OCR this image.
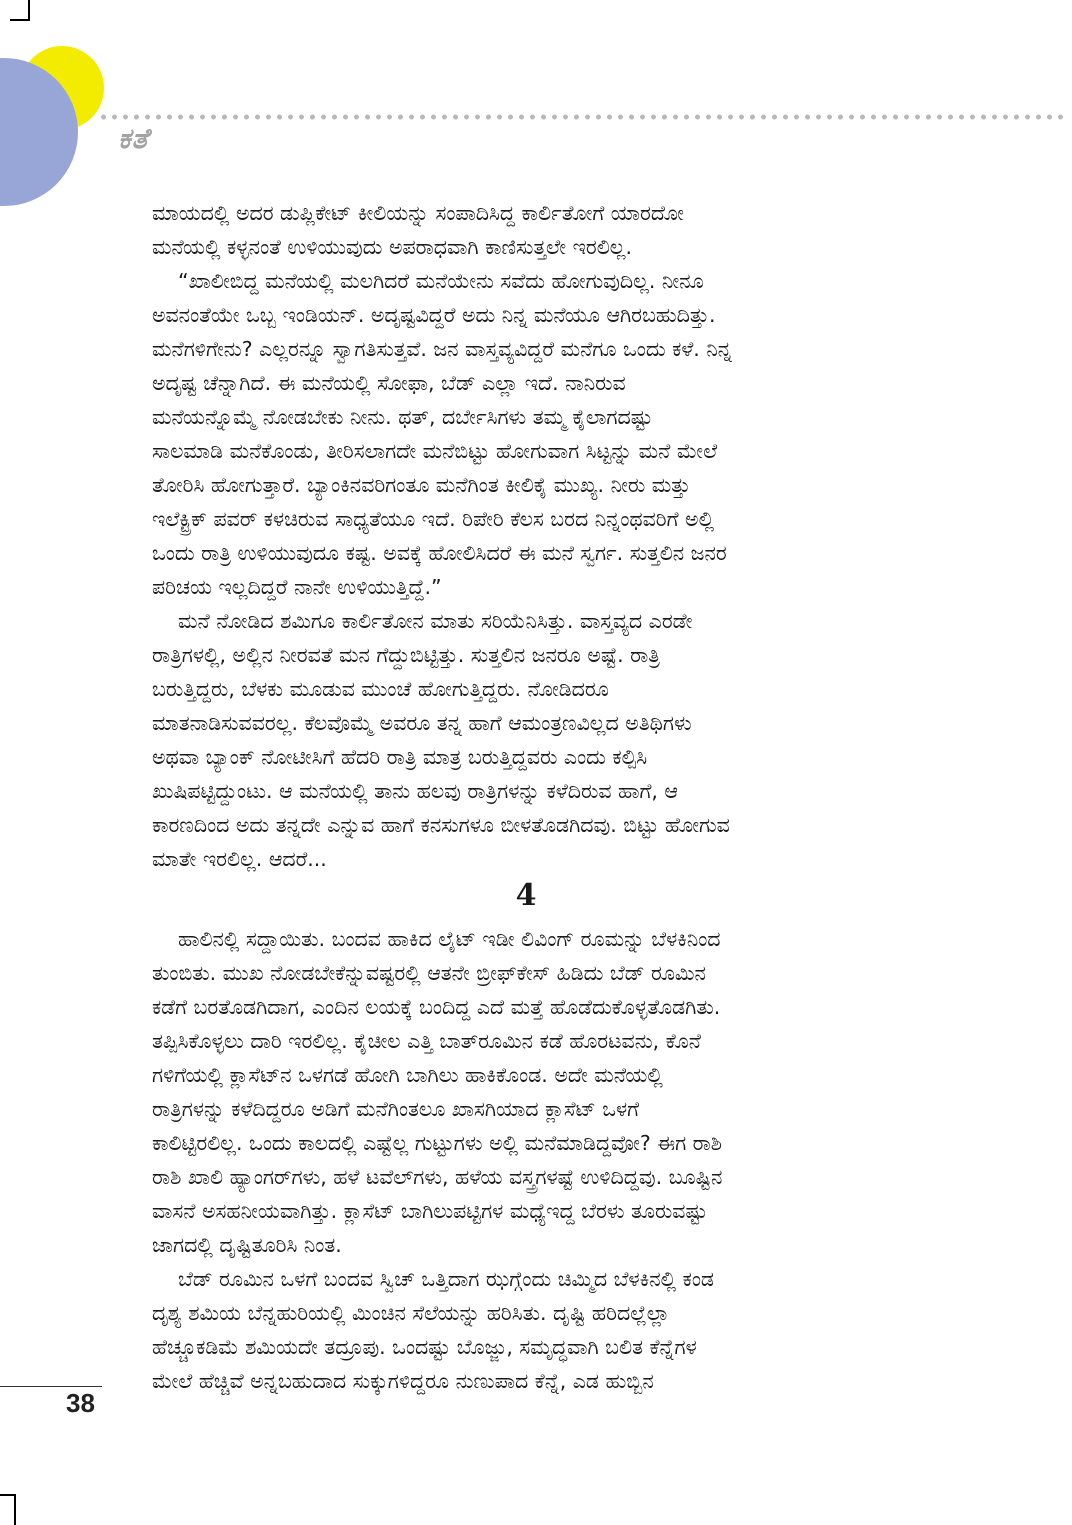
ಕತೆ

ಮಾಯದಲ್ಲಿ ಅದರ ಡುಪ್ಲಿಕೇಟ್ ಕೀಲಿಯನ್ನು ಸಂಪಾದಿಸಿದ್ದ ಕಾರ್ಲಿತೋಗೆ ಯಾರದೋ
ಮನೆಯಲ್ಲಿ ಕಳ್ಳನಂತೆ ಉಳಿಯುವುದು ಅಪರಾಧವಾಗಿ ಕಾಣಿಸುತ್ತಲೇ ಇರಲಿಲ್ಲ.

“ಖಾಲೀಬಿದ್ದ ಮನೆಯಲ್ಲಿ ಮಲಗಿದರೆ ಮನೆಯೇನು ಸವೆದು ಹೋಗುವುದಿಲ್ಲ. ನೀನೂ
ಅವನಂತೆಯೇ ಒಬ್ಬ ಇಂಡಿಯನ್. ಅದೃಷ್ಟವಿದ್ದರೆ ಅದು ನಿನ್ನ ಮನೆಯೂ ಆಗಿರಬಹುದಿತ್ತು.
ಮನೆಗಳಿಗೇನು? ಎಲ್ಲರನ್ನೂ ಸ್ವಾಗತಿಸುತ್ತವೆ. ಜನ ವಾಸ್ತವ್ಯವಿದ್ದರೆ ಮನೆಗೂ ಒಂದು ಕಳೆ. ನಿನ್ನ
ಅದೃಷ್ಟ ಚೆನ್ನಾಗಿದೆ. ಈ ಮನೆಯಲ್ಲಿ ಸೋಫಾ, ಬೆಡ್ ಎಲ್ಲಾ ಇದೆ. ನಾನಿರುವ
ಮನೆಯನ್ನೊಮ್ಮೆ ನೋಡಬೇಕು ನೀನು. ಥತ್, ದರ್ಬೇಸಿಗಳು ತಮ್ಮ ಕೈಲಾಗದಷ್ಟು
ಸಾಲಮಾಡಿ ಮನೆಕೊಂಡು, ತೀರಿಸಲಾಗದೇ ಮನೆಬಿಟ್ಟು ಹೋಗುವಾಗ ಸಿಟ್ಟನ್ನು ಮನೆ ಮೇಲೆ
ತೋರಿಸಿ ಹೋಗುತ್ತಾರೆ. ಬ್ಯಾಂಕಿನವರಿಗಂತೂ ಮನೆಗಿಂತ ಕೀಲಿಕೈ ಮುಖ್ಯ. ನೀರು ಮತ್ತು
ಇಲೆಕ್ಟ್ರಿಕ್ ಪವರ್ ಕಳಚಿರುವ ಸಾಧ್ಯತೆಯೂ ಇದೆ. ರಿಪೇರಿ ಕೆಲಸ ಬರದ ನಿನ್ನಂಥವರಿಗೆ ಅಲ್ಲಿ
ಒಂದು ರಾತ್ರಿ ಉಳಿಯುವುದೂ ಕಷ್ಟ. ಅವಕ್ಕೆ ಹೋಲಿಸಿದರೆ ಈ ಮನೆ ಸ್ವರ್ಗ. ಸುತ್ತಲಿನ ಜನರ
ಪರಿಚಯ ಇಲ್ಲದಿದ್ದರೆ ನಾನೇ ಉಳಿಯುತ್ತಿದ್ದೆ.”

ಮನೆ ನೋಡಿದ ಶಮಿಗೂ ಕಾರ್ಲಿತೋನ ಮಾತು ಸರಿಯೆನಿಸಿತ್ತು. ವಾಸ್ತವ್ಯದ ಎರಡೇ
ರಾತ್ರಿಗಳಲ್ಲಿ, ಅಲ್ಲಿನ ನೀರವತೆ ಮನ ಗೆದ್ದುಬಿಟ್ಟಿತ್ತು. ಸುತ್ತಲಿನ ಜನರೂ ಅಷ್ಟೆ. ರಾತ್ರಿ
ಬರುತ್ತಿದ್ದರು, ಬೆಳಕು ಮೂಡುವ ಮುಂಚೆ ಹೋಗುತ್ತಿದ್ದರು. ನೋಡಿದರೂ
ಮಾತನಾಡಿಸುವವರಲ್ಲ. ಕೆಲವೊಮ್ಮೆ ಅವರೂ ತನ್ನ ಹಾಗೆ ಆಮಂತ್ರಣವಿಲ್ಲದ ಅತಿಥಿಗಳು
ಅಥವಾ ಬ್ಯಾಂಕ್ ನೋಟೀಸಿಗೆ ಹೆದರಿ ರಾತ್ರಿ ಮಾತ್ರ ಬರುತ್ತಿದ್ದವರು ಎಂದು ಕಲ್ಪಿಸಿ
ಖುಷಿಪಟ್ಟಿದ್ದುಂಟು. ಆ ಮನೆಯಲ್ಲಿ ತಾನು ಹಲವು ರಾತ್ರಿಗಳನ್ನು ಕಳೆದಿರುವ ಹಾಗೆ, ಆ
ಕಾರಣದಿಂದ ಅದು ತನ್ನದೇ ಎನ್ನುವ ಹಾಗೆ ಕನಸುಗಳೂ ಬೀಳತೊಡಗಿದವು. ಬಿಟ್ಟು ಹೋಗುವ
ಮಾತೇ ಇರಲಿಲ್ಲ. ಆದರೆ...

4

ಹಾಲಿನಲ್ಲಿ ಸದ್ದಾಯಿತು. ಬಂದವ ಹಾಕಿದ ಲೈಟ್ ಇಡೀ ಲಿವಿಂಗ್ ರೂಮನ್ನು ಬೆಳಕಿನಿಂದ
ತುಂಬಿತು. ಮುಖ ನೋಡಬೇಕೆನ್ನುವಷ್ಟರಲ್ಲಿ ಆತನೇ ಬ್ರೀಫ್‌ಕೇಸ್ ಹಿಡಿದು ಬೆಡ್ ರೂಮಿನ
ಕಡೆಗೆ ಬರತೊಡಗಿದಾಗ, ಎಂದಿನ ಲಯಕ್ಕೆ ಬಂದಿದ್ದ ಎದೆ ಮತ್ತೆ ಹೊಡೆದುಕೊಳ್ಳತೊಡಗಿತು.
ತಪ್ಪಿಸಿಕೊಳ್ಳಲು ದಾರಿ ಇರಲಿಲ್ಲ. ಕೈಚೀಲ ಎತ್ತಿ ಬಾತ್‌ರೂಮಿನ ಕಡೆ ಹೊರಟವನು, ಕೊನೆ
ಗಳಿಗೆಯಲ್ಲಿ ಕ್ಲಾಸೆಟ್‌ನ ಒಳಗಡೆ ಹೋಗಿ ಬಾಗಿಲು ಹಾಕಿಕೊಂಡ. ಅದೇ ಮನೆಯಲ್ಲಿ
ರಾತ್ರಿಗಳನ್ನು ಕಳೆದಿದ್ದರೂ ಅಡಿಗೆ ಮನೆಗಿಂತಲೂ ಖಾಸಗಿಯಾದ ಕ್ಲಾಸೆಟ್ ಒಳಗೆ
ಕಾಲಿಟ್ಟಿರಲಿಲ್ಲ. ಒಂದು ಕಾಲದಲ್ಲಿ ಎಷ್ಟೆಲ್ಲ ಗುಟ್ಟುಗಳು ಅಲ್ಲಿ ಮನೆಮಾಡಿದ್ದವೋ? ಈಗ ರಾಶಿ
ರಾಶಿ ಖಾಲಿ ಹ್ಯಾಂಗರ್‌ಗಳು, ಹಳೆ ಟವೆಲ್‌ಗಳು, ಹಳೆಯ ವಸ್ತ್ರಗಳಷ್ಟೆ ಉಳಿದಿದ್ದವು. ಬೂಷ್ಟಿನ
ವಾಸನೆ ಅಸಹನೀಯವಾಗಿತ್ತು. ಕ್ಲಾಸೆಟ್ ಬಾಗಿಲುಪಟ್ಟಿಗಳ ಮಧ್ಯೆಇದ್ದ ಬೆರಳು ತೂರುವಷ್ಟು
ಜಾಗದಲ್ಲಿ ದೃಷ್ಟಿತೂರಿಸಿ ನಿಂತ.

ಬೆಡ್ ರೂಮಿನ ಒಳಗೆ ಬಂದವ ಸ್ವಿಚ್ ಒತ್ತಿದಾಗ ಝಗ್ಗೆಂದು ಚಿಮ್ಮಿದ ಬೆಳಕಿನಲ್ಲಿ ಕಂಡ
ದೃಶ್ಯ ಶಮಿಯ ಬೆನ್ನಹುರಿಯಲ್ಲಿ ಮಿಂಚಿನ ಸೆಲೆಯನ್ನು ಹರಿಸಿತು. ದೃಷ್ಟಿ ಹರಿದಲ್ಲೆಲ್ಲಾ
ಹೆಚ್ಚೂಕಡಿಮೆ ಶಮಿಯದೇ ತದ್ರೂಪು. ಒಂದಷ್ಟು ಬೊಜ್ಜು, ಸಮೃದ್ಧವಾಗಿ ಬಲಿತ ಕೆನ್ನೆಗಳ
ಮೇಲೆ ಹೆಚ್ಚಿವೆ ಅನ್ನಬಹುದಾದ ಸುಕ್ಕುಗಳಿದ್ದರೂ ನುಣುಪಾದ ಕೆನ್ನೆ, ಎಡ ಹುಬ್ಬಿನ

38
